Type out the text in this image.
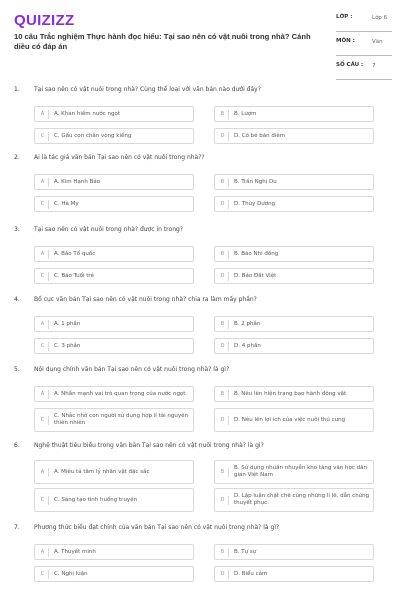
QUIZIZZ
10 câu Trắc nghiệm Thực hành đọc hiểu: Tại sao nên có vật nuôi trong nhà? Cánh diều có đáp án
LỚP :	Lớp 6
MÔN :	Văn
SỐ CÂU : 7
1. Tại sao nên có vật nuôi trong nhà? Cùng thể loại với văn bản nào dưới đây?
A	A. Khan hiếm nước ngọt	B	B. Lượm
C	C. Gấu con chân vòng kiềng	D	D. Cô bé bán diêm
2. Ai là tác giả văn bản Tại sao nên có vật nuôi trong nhà??
A	A. Kim Hạnh Bảo	B	B. Trần Nghị Du
C	C. Hà My	D	D. Thùy Dương
3. Tại sao nên có vật nuôi trong nhà? được in trong?
A	A. Báo Tổ quốc	B	B. Báo Nhi đồng
C	C. Báo Tuổi trẻ	D	D. Báo Đất Việt
4. Bố cục văn bản Tại sao nên có vật nuôi trong nhà? chia ra làm mấy phần?
A	A. 1 phần	B	B. 2 phần
C	C. 3 phần	D	D. 4 phần
5. Nội dung chính văn bản Tại sao nên có vật nuôi trong nhà? là gì?
A	A. Nhấn mạnh vai trò quan trọng của nước ngọt	B	B. Nêu lên hiện trạng bạo hành động vật
C
C. Nhắc nhở con người sử dụng hợp lí tài nguyên thiên nhiên
D	D. Nêu lên lợi ích của việc nuôi thú cưng
6. Nghệ thuật tiêu biểu trong văn bản Tại sao nên có vật nuôi trong nhà? là gì?
A	A. Miêu tả tâm lý nhân vật đặc sắc	B
B. Sử dụng nhuần nhuyễn kho tàng văn học dân gian Việt Nam
C	C. Sáng tạo tình huống truyện	D
D. Lập luận chặt chẽ cùng những lí lẽ, dẫn chứng thuyết phục.
7. Phương thức biểu đạt chính của văn bản Tại sao nên có vật nuôi trong nhà? là gì?
A	A. Thuyết minh	B	B. Tự sự
C	C. Nghị luận	D	D. Biểu cảm
